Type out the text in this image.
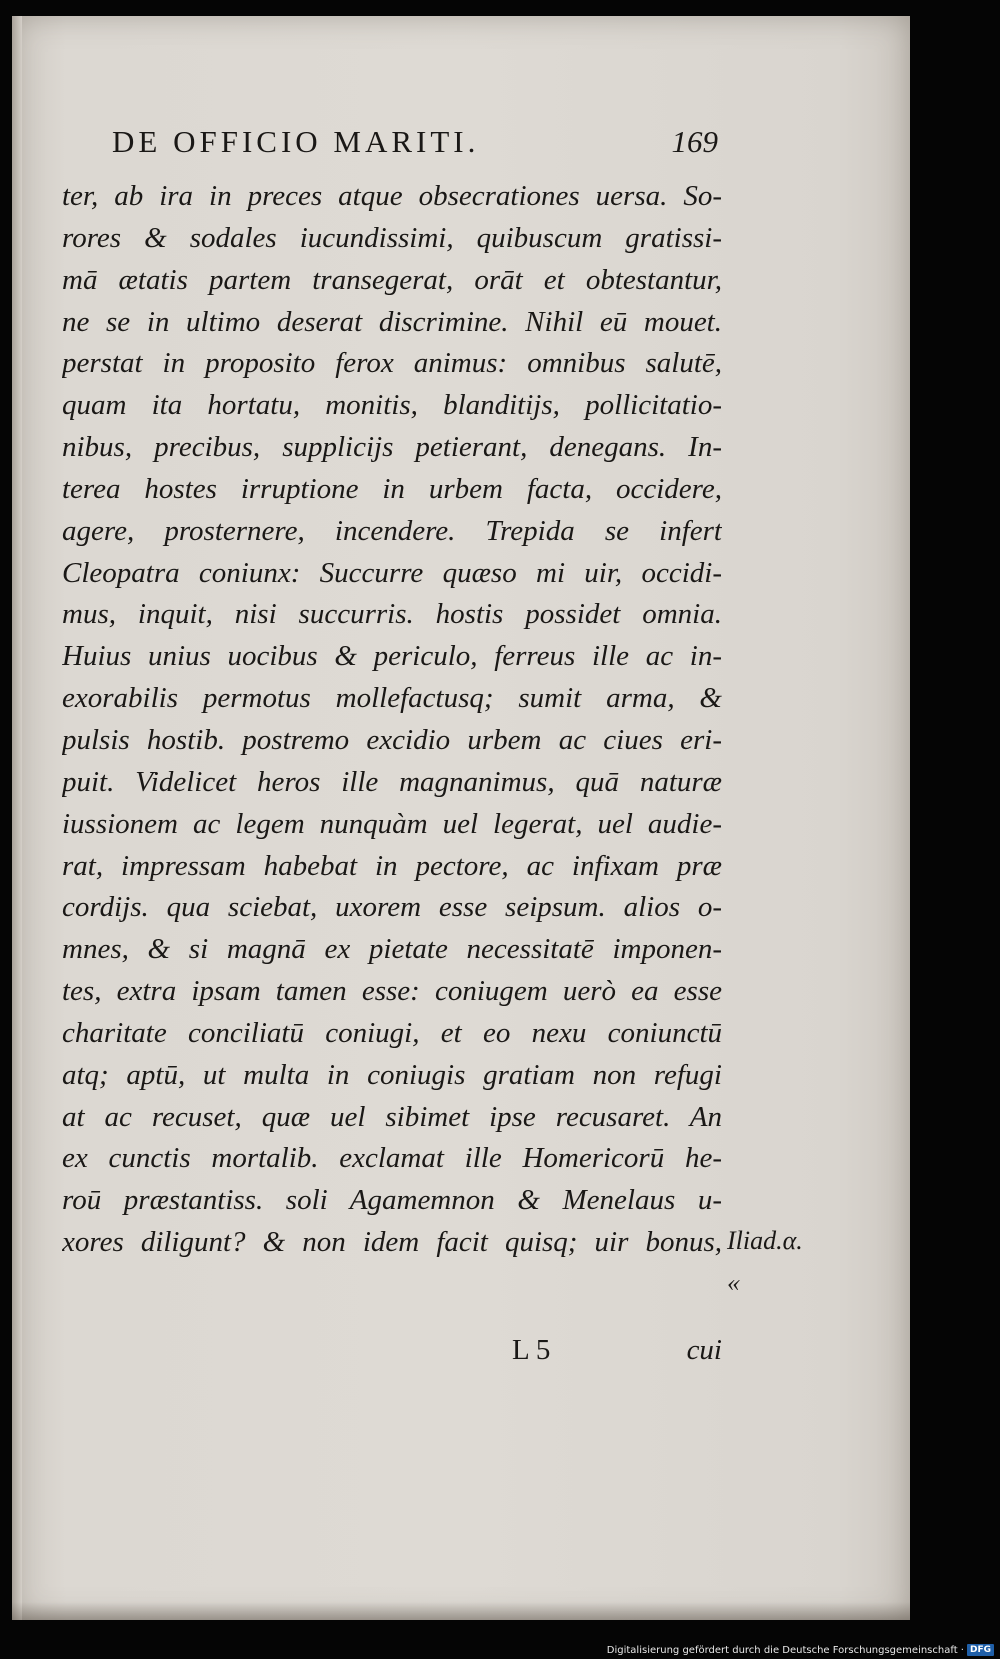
DE OFFICIO MARITI.	169
ter, ab ira in preces atque obsecrationes uersa. So-
rores & sodales iucundissimi, quibuscum gratissi-
mā ætatis partem transegerat, orāt et obtestantur,
ne se in ultimo deserat discrimine. Nihil eū mouet.
perstat in proposito ferox animus: omnibus salutē,
quam ita hortatu, monitis, blanditijs, pollicitatio-
nibus, precibus, supplicijs petierant, denegans. In-
terea hostes irruptione in urbem facta, occidere,
agere, prosternere, incendere. Trepida se infert
Cleopatra coniunx: Succurre quæso mi uir, occidi-
mus, inquit, nisi succurris. hostis possidet omnia.
Huius unius uocibus & periculo, ferreus ille ac in-
exorabilis permotus mollefactusq; sumit arma, &
pulsis hostib. postremo excidio urbem ac ciues eri-
puit. Videlicet heros ille magnanimus, quā naturæ
iussionem ac legem nunquàm uel legerat, uel audie-
rat, impressam habebat in pectore, ac infixam præ
cordijs. qua sciebat, uxorem esse seipsum. alios o-
mnes, & si magnā ex pietate necessitatē imponen-
tes, extra ipsam tamen esse: coniugem uerò ea esse
charitate conciliatū coniugi, et eo nexu coniunctū
atq; aptū, ut multa in coniugis gratiam non refugi
at ac recuset, quæ uel sibimet ipse recusaret. An
ex cunctis mortalib. exclamat ille Homericorū he-
roū præstantiss. soli Agamemnon & Menelaus u-
xores diligunt? & non idem facit quisq; uir bonus, Iliad.α.
«
L 5	cui
Digitalisierung gefördert durch die Deutsche Forschungsgemeinschaft · DFG
